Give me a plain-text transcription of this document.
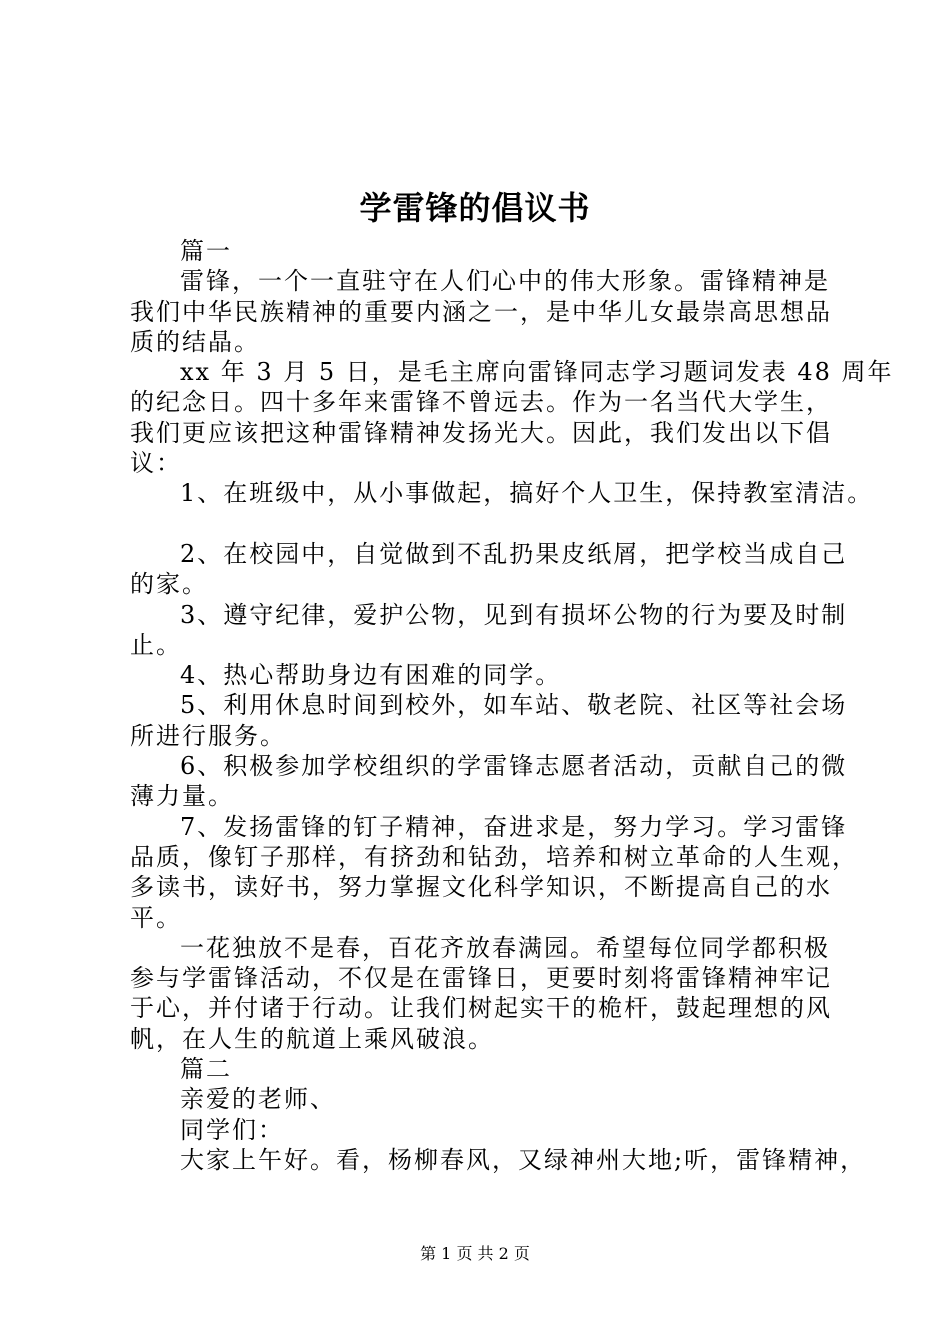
学雷锋的倡议书
篇一
雷锋，一个一直驻守在人们心中的伟大形象。雷锋精神是
我们中华民族精神的重要内涵之一，是中华儿女最崇高思想品
质的结晶。
xx 年 3 月 5 日，是毛主席向雷锋同志学习题词发表 48 周年
的纪念日。四十多年来雷锋不曾远去。作为一名当代大学生，
我们更应该把这种雷锋精神发扬光大。因此，我们发出以下倡
议：
1、在班级中，从小事做起，搞好个人卫生，保持教室清洁。
2、在校园中，自觉做到不乱扔果皮纸屑，把学校当成自己
的家。
3、遵守纪律，爱护公物，见到有损坏公物的行为要及时制
止。
4、热心帮助身边有困难的同学。
5、利用休息时间到校外，如车站、敬老院、社区等社会场
所进行服务。
6、积极参加学校组织的学雷锋志愿者活动，贡献自己的微
薄力量。
7、发扬雷锋的钉子精神，奋进求是，努力学习。学习雷锋
品质，像钉子那样，有挤劲和钻劲，培养和树立革命的人生观，
多读书，读好书，努力掌握文化科学知识，不断提高自己的水
平。
一花独放不是春，百花齐放春满园。希望每位同学都积极
参与学雷锋活动，不仅是在雷锋日，更要时刻将雷锋精神牢记
于心，并付诸于行动。让我们树起实干的桅杆，鼓起理想的风
帆，在人生的航道上乘风破浪。
篇二
亲爱的老师、
同学们：
大家上午好。看，杨柳春风，又绿神州大地;听，雷锋精神，
第 1 页 共 2 页
